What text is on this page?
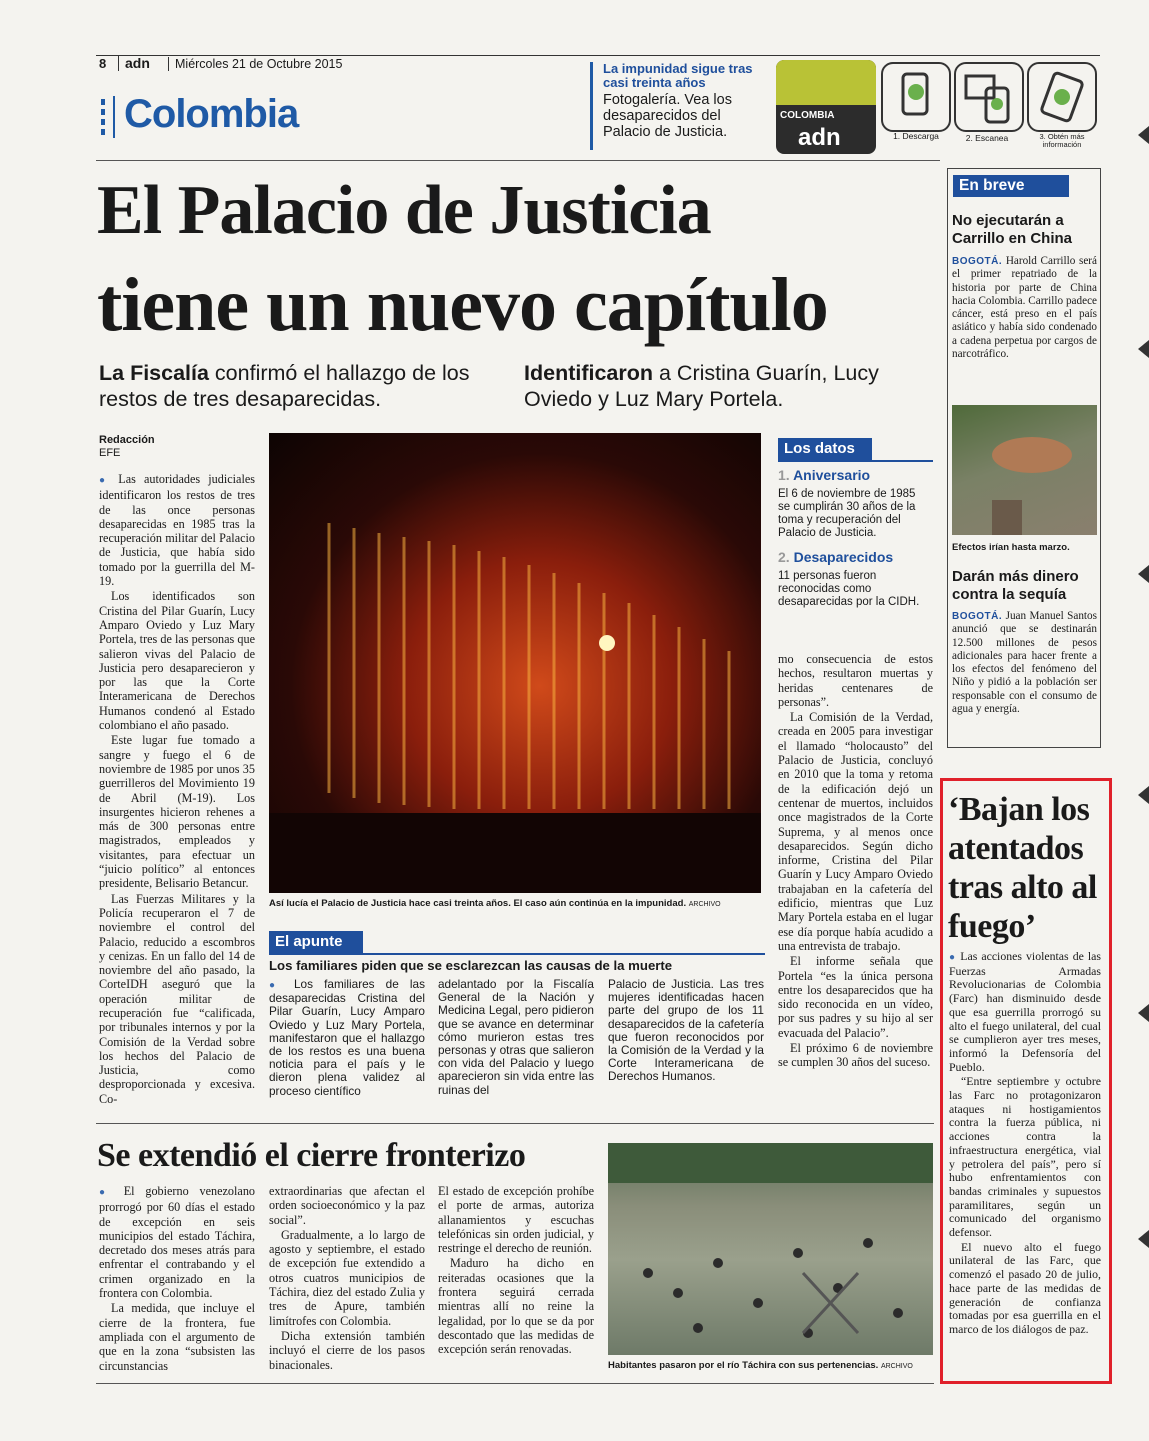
8	adn	Miércoles 21 de Octubre 2015
Colombia
La impunidad sigue tras casi treinta años
Fotogalería. Vea los desaparecidos del Palacio de Justicia.
COLOMBIA
adn	1. Descarga	2. Escanea	3. Obtén más información
El Palacio de Justicia
tiene un nuevo capítulo
La Fiscalía confirmó el hallazgo de los restos de tres desaparecidas.
Identificaron a Cristina Guarín, Lucy Oviedo y Luz Mary Portela.
Redacción
EFE

● Las autoridades judiciales identificaron los restos de tres de las once personas desaparecidas en 1985 tras la recuperación militar del Palacio de Justicia, que había sido tomado por la guerrilla del M-19.

Los identificados son Cristina del Pilar Guarín, Lucy Amparo Oviedo y Luz Mary Portela, tres de las personas que salieron vivas del Palacio de Justicia pero desaparecieron y por las que la Corte Interamericana de Derechos Humanos condenó al Estado colombiano el año pasado.

Este lugar fue tomado a sangre y fuego el 6 de noviembre de 1985 por unos 35 guerrilleros del Movimiento 19 de Abril (M-19). Los insurgentes hicieron rehenes a más de 300 personas entre magistrados, empleados y visitantes, para efectuar un “juicio político” al entonces presidente, Belisario Betancur.

Las Fuerzas Militares y la Policía recuperaron el 7 de noviembre el control del Palacio, reducido a escombros y cenizas. En un fallo del 14 de noviembre del año pasado, la CorteIDH aseguró que la operación militar de recuperación fue “calificada, por tribunales internos y por la Comisión de la Verdad sobre los hechos del Palacio de Justicia, como desproporcionada y excesiva. Co-

Así lucía el Palacio de Justicia hace casi treinta años. El caso aún continúa en la impunidad. ARCHIVO
Los datos
1. Aniversario
El 6 de noviembre de 1985 se cumplirán 30 años de la toma y recuperación del Palacio de Justicia.
2. Desaparecidos
11 personas fueron reconocidas como desaparecidas por la CIDH.

mo consecuencia de estos hechos, resultaron muertas y heridas centenares de personas”.

La Comisión de la Verdad, creada en 2005 para investigar el llamado “holocausto” del Palacio de Justicia, concluyó en 2010 que la toma y retoma de la edificación dejó un centenar de muertos, incluidos once magistrados de la Corte Suprema, y al menos once desaparecidos. Según dicho informe, Cristina del Pilar Guarín y Lucy Amparo Oviedo trabajaban en la cafetería del edificio, mientras que Luz Mary Portela estaba en el lugar ese día porque había acudido a una entrevista de trabajo.

El informe señala que Portela “es la única persona entre los desaparecidos que ha sido reconocida en un vídeo, por sus padres y su hijo al ser evacuada del Palacio”.

El próximo 6 de noviembre se cumplen 30 años del suceso.

El apunte
Los familiares piden que se esclarezcan las causas de la muerte
● Los familiares de las desaparecidas Cristina del Pilar Guarín, Lucy Amparo Oviedo y Luz Mary Portela, manifestaron que el hallazgo de los restos es una buena noticia para el país y le dieron plena validez al proceso científico
adelantado por la Fiscalía General de la Nación y Medicina Legal, pero pidieron que se avance en determinar cómo murieron estas tres personas y otras que salieron con vida del Palacio y luego aparecieron sin vida entre las ruinas del
Palacio de Justicia. Las tres mujeres identificadas hacen parte del grupo de los 11 desaparecidos de la cafetería que fueron reconocidos por la Comisión de la Verdad y la Corte Interamericana de Derechos Humanos.
Se extendió el cierre fronterizo

● El gobierno venezolano prorrogó por 60 días el estado de excepción en seis municipios del estado Táchira, decretado dos meses atrás para enfrentar el contrabando y el crimen organizado en la frontera con Colombia.

La medida, que incluye el cierre de la frontera, fue ampliada con el argumento de que en la zona “subsisten las circunstancias

extraordinarias que afectan el orden socioeconómico y la paz social”.

Gradualmente, a lo largo de agosto y septiembre, el estado de excepción fue extendido a otros cuatros municipios de Táchira, diez del estado Zulia y tres de Apure, también limítrofes con Colombia.

Dicha extensión también incluyó el cierre de los pasos binacionales.

El estado de excepción prohíbe el porte de armas, autoriza allanamientos y escuchas telefónicas sin orden judicial, y restringe el derecho de reunión.

Maduro ha dicho en reiteradas ocasiones que la frontera seguirá cerrada mientras allí no reine la legalidad, por lo que se da por descontado que las medidas de excepción serán renovadas.

Habitantes pasaron por el río Táchira con sus pertenencias. ARCHIVO
En breve
No ejecutarán a Carrillo en China
BOGOTÁ. Harold Carrillo será el primer repatriado de la historia por parte de China hacia Colombia. Carrillo padece cáncer, está preso en el país asiático y había sido condenado a cadena perpetua por cargos de narcotráfico.
Efectos irían hasta marzo.
Darán más dinero contra la sequía
BOGOTÁ. Juan Manuel Santos anunció que se destinarán 12.500 millones de pesos adicionales para hacer frente a los efectos del fenómeno del Niño y pidió a la población ser responsable con el consumo de agua y energía.
‘Bajan los atentados tras alto al fuego’

● Las acciones violentas de las Fuerzas Armadas Revolucionarias de Colombia (Farc) han disminuido desde que esa guerrilla prorrogó su alto el fuego unilateral, del cual se cumplieron ayer tres meses, informó la Defensoría del Pueblo.

“Entre septiembre y octubre las Farc no protagonizaron ataques ni hostigamientos contra la fuerza pública, ni acciones contra la infraestructura energética, vial y petrolera del país”, pero sí hubo enfrentamientos con bandas criminales y supuestos paramilitares, según un comunicado del organismo defensor.

El nuevo alto el fuego unilateral de las Farc, que comenzó el pasado 20 de julio, hace parte de las medidas de generación de confianza tomadas por esa guerrilla en el marco de los diálogos de paz.
